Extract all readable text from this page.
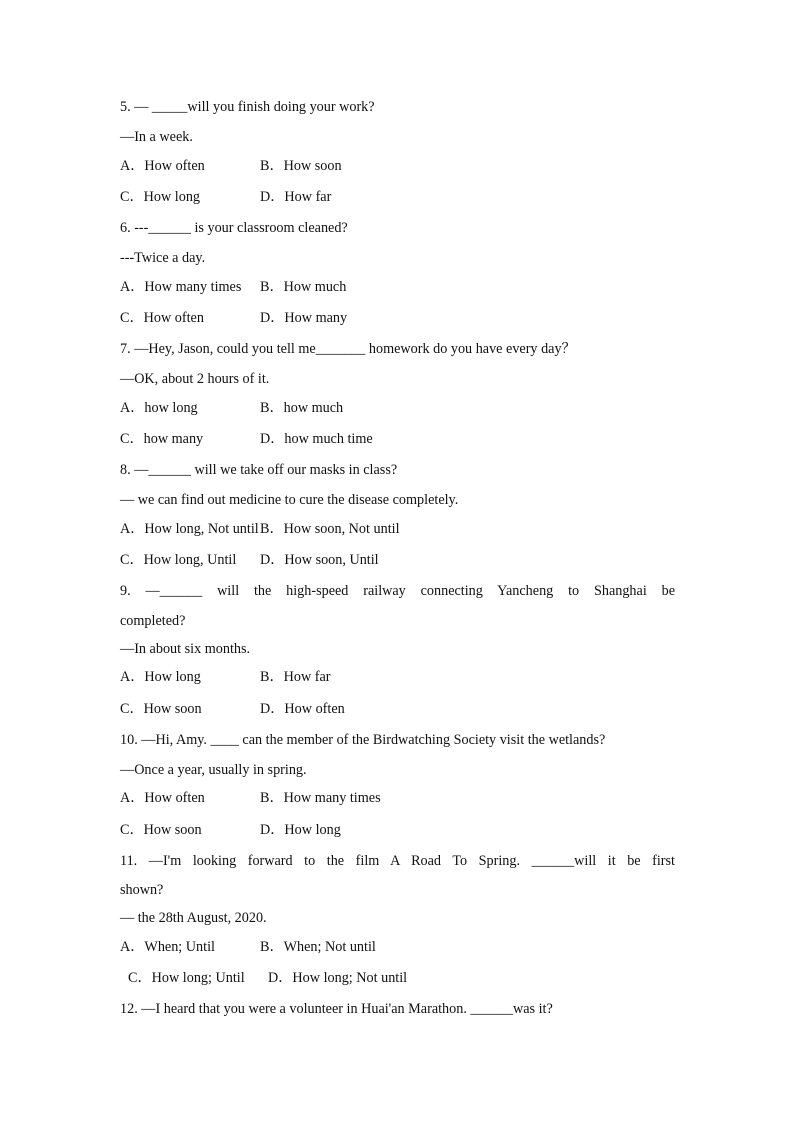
5. — _____will you finish doing your work?
—In a week.
A．How often	B．How soon
C．How long	D．How far
6. ---______ is your classroom cleaned?
---Twice a day.
A．How many times B．How much
C．How often	D．How many
7. —Hey, Jason, could you tell me_______ homework do you have every day？
—OK, about 2 hours of it.
A．how long	B．how much
C．how many	D．how much time
8. —______ will we take off our masks in class?
— we can find out medicine to cure the disease completely.
A．How long, Not untilB．How soon, Not until
C．How long, Until D．How soon, Until
9. —______ will the high-speed railway connecting Yancheng to Shanghai be
completed?
—In about six months.
A．How long	B．How far
C．How soon	D．How often
10. —Hi, Amy. ____ can the member of the Birdwatching Society visit the wetlands?
—Once a year, usually in spring.
A．How often	B．How many times
C．How soon	D．How long
11. —I'm looking forward to the film A Road To Spring. ______will it be first
shown?
— the 28th August, 2020.
A．When; Until	B．When; Not until
C．How long; Until D．How long; Not until
12. —I heard that you were a volunteer in Huai'an Marathon. ______was it?
